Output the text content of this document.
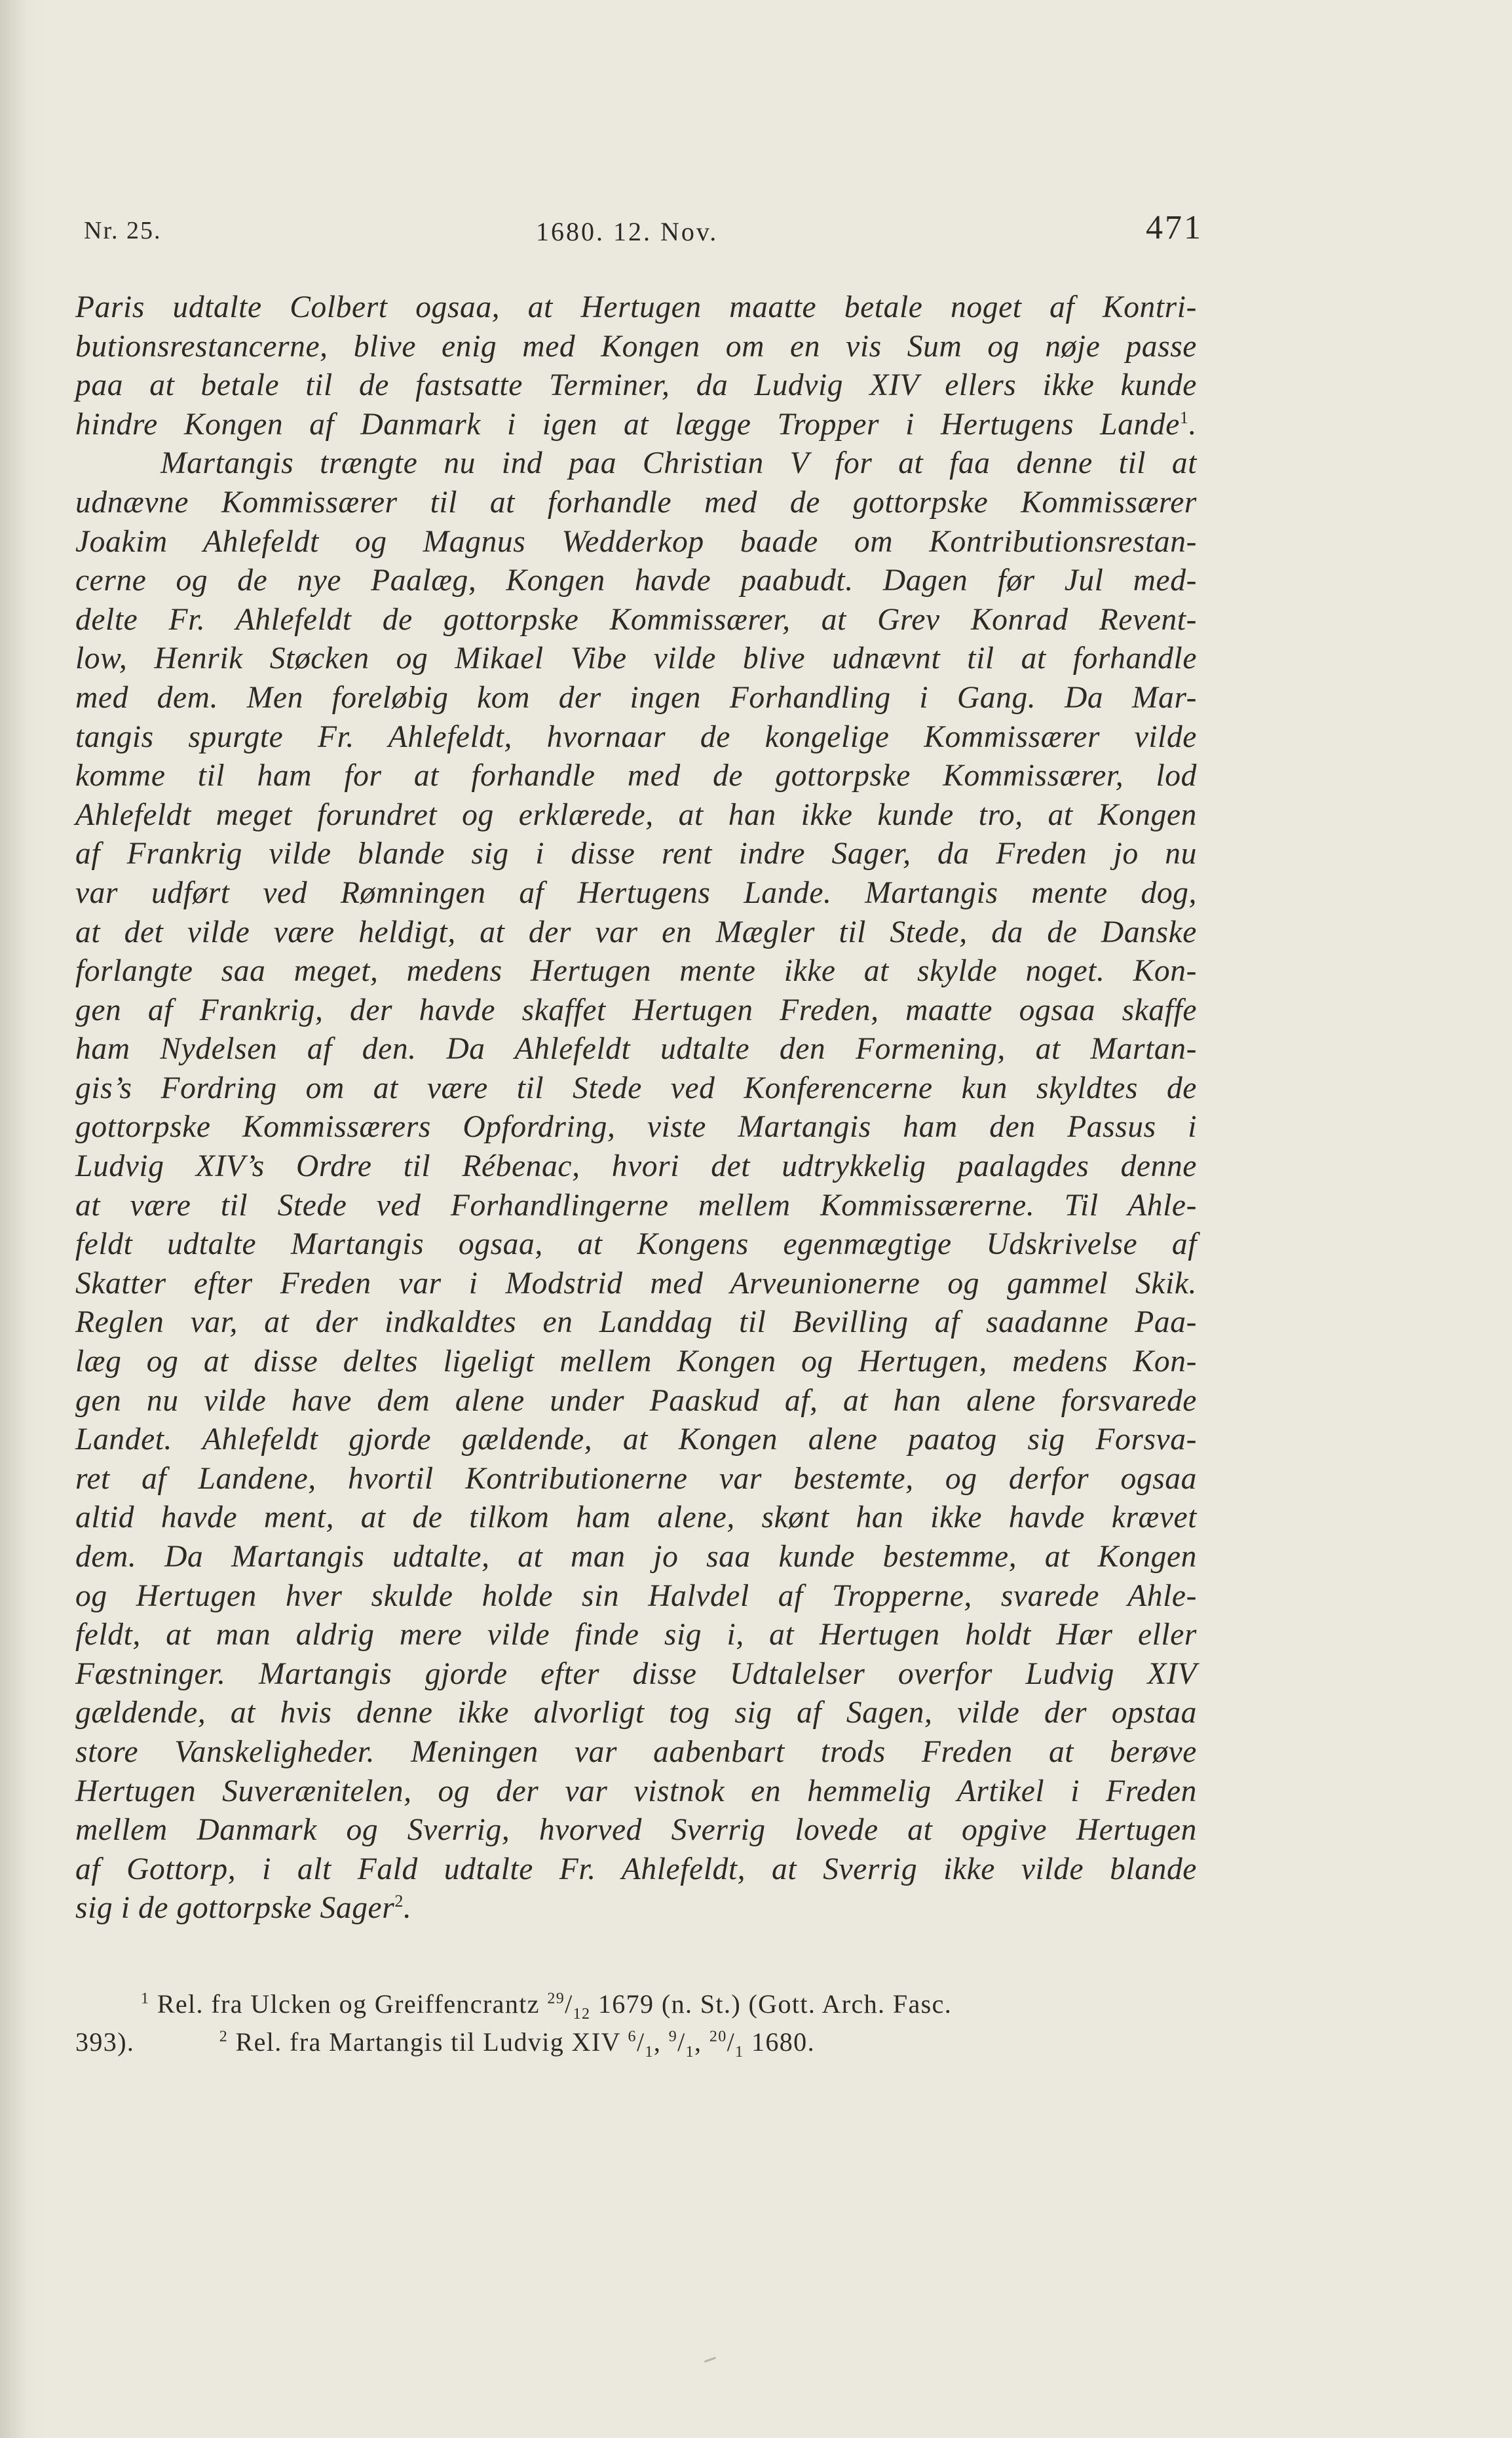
Nr. 25.	1680. 12. Nov.	471
Paris udtalte Colbert ogsaa, at Hertugen maatte betale noget af Kontri-
butionsrestancerne, blive enig med Kongen om en vis Sum og nøje passe
paa at betale til de fastsatte Terminer, da Ludvig XIV ellers ikke kunde
hindre Kongen af Danmark i igen at lægge Tropper i Hertugens Lande$^1$.
Martangis trængte nu ind paa Christian V for at faa denne til at
udnævne Kommissærer til at forhandle med de gottorpske Kommissærer
Joakim Ahlefeldt og Magnus Wedderkop baade om Kontributionsrestan-
cerne og de nye Paalæg, Kongen havde paabudt. Dagen før Jul med-
delte Fr. Ahlefeldt de gottorpske Kommissærer, at Grev Konrad Revent-
low, Henrik Støcken og Mikael Vibe vilde blive udnævnt til at forhandle
med dem. Men foreløbig kom der ingen Forhandling i Gang. Da Mar-
tangis spurgte Fr. Ahlefeldt, hvornaar de kongelige Kommissærer vilde
komme til ham for at forhandle med de gottorpske Kommissærer, lod
Ahlefeldt meget forundret og erklærede, at han ikke kunde tro, at Kongen
af Frankrig vilde blande sig i disse rent indre Sager, da Freden jo nu
var udført ved Rømningen af Hertugens Lande. Martangis mente dog,
at det vilde være heldigt, at der var en Mægler til Stede, da de Danske
forlangte saa meget, medens Hertugen mente ikke at skylde noget. Kon-
gen af Frankrig, der havde skaffet Hertugen Freden, maatte ogsaa skaffe
ham Nydelsen af den. Da Ahlefeldt udtalte den Formening, at Martan-
gis’s Fordring om at være til Stede ved Konferencerne kun skyldtes de
gottorpske Kommissærers Opfordring, viste Martangis ham den Passus i
Ludvig XIV’s Ordre til Rébenac, hvori det udtrykkelig paalagdes denne
at være til Stede ved Forhandlingerne mellem Kommissærerne. Til Ahle-
feldt udtalte Martangis ogsaa, at Kongens egenmægtige Udskrivelse af
Skatter efter Freden var i Modstrid med Arveunionerne og gammel Skik.
Reglen var, at der indkaldtes en Landdag til Bevilling af saadanne Paa-
læg og at disse deltes ligeligt mellem Kongen og Hertugen, medens Kon-
gen nu vilde have dem alene under Paaskud af, at han alene forsvarede
Landet. Ahlefeldt gjorde gældende, at Kongen alene paatog sig Forsva-
ret af Landene, hvortil Kontributionerne var bestemte, og derfor ogsaa
altid havde ment, at de tilkom ham alene, skønt han ikke havde krævet
dem. Da Martangis udtalte, at man jo saa kunde bestemme, at Kongen
og Hertugen hver skulde holde sin Halvdel af Tropperne, svarede Ahle-
feldt, at man aldrig mere vilde finde sig i, at Hertugen holdt Hær eller
Fæstninger. Martangis gjorde efter disse Udtalelser overfor Ludvig XIV
gældende, at hvis denne ikke alvorligt tog sig af Sagen, vilde der opstaa
store Vanskeligheder. Meningen var aabenbart trods Freden at berøve
Hertugen Suverænitelen, og der var vistnok en hemmelig Artikel i Freden
mellem Danmark og Sverrig, hvorved Sverrig lovede at opgive Hertugen
af Gottorp, i alt Fald udtalte Fr. Ahlefeldt, at Sverrig ikke vilde blande
sig i de gottorpske Sager$^2$.
$^1$ Rel. fra Ulcken og Greiffencrantz $^{29}/_{12}$ 1679 (n. St.) (Gott. Arch. Fasc.
393).	$^2$ Rel. fra Martangis til Ludvig XIV $^6/_1$, $^9/_1$, $^{20}/_1$ 1680.
